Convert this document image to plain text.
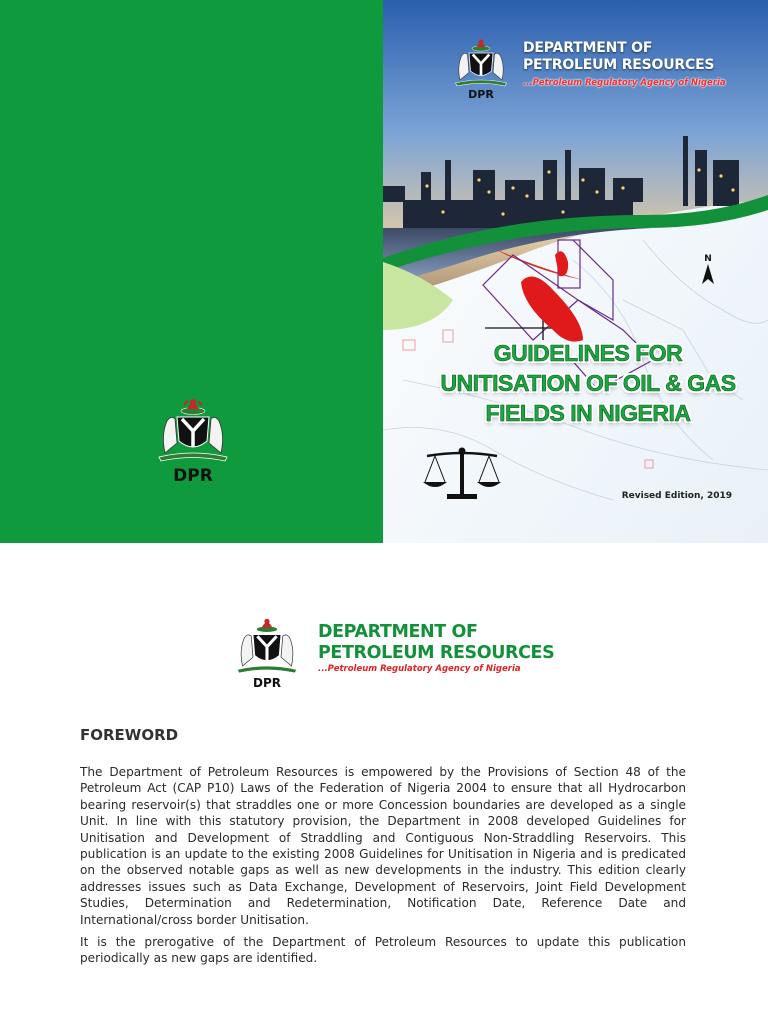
DPR
DPR
DEPARTMENT OF
PETROLEUM RESOURCES
...Petroleum Regulatory Agency of Nigeria
N
GUIDELINES FOR
UNITISATION OF OIL & GAS
FIELDS IN NIGERIA
Revised Edition, 2019
DPR
DEPARTMENT OF
PETROLEUM RESOURCES
...Petroleum Regulatory Agency of Nigeria
FOREWORD

The Department of Petroleum Resources is empowered by the Provisions of Section 48 of the Petroleum Act (CAP P10) Laws of the Federation of Nigeria 2004 to ensure that all Hydrocarbon bearing reservoir(s) that straddles one or more Concession boundaries are developed as a single Unit. In line with this statutory provision, the Department in 2008 developed Guidelines for Unitisation and Development of Straddling and Contiguous Non-Straddling Reservoirs. This publication is an update to the existing 2008 Guidelines for Unitisation in Nigeria and is predicated on the observed notable gaps as well as new developments in the industry. This edition clearly addresses issues such as Data Exchange, Development of Reservoirs, Joint Field Development Studies, Determination and Redetermination, Notification Date, Reference Date and International/cross border Unitisation.

It is the prerogative of the Department of Petroleum Resources to update this publication periodically as new gaps are identified.
